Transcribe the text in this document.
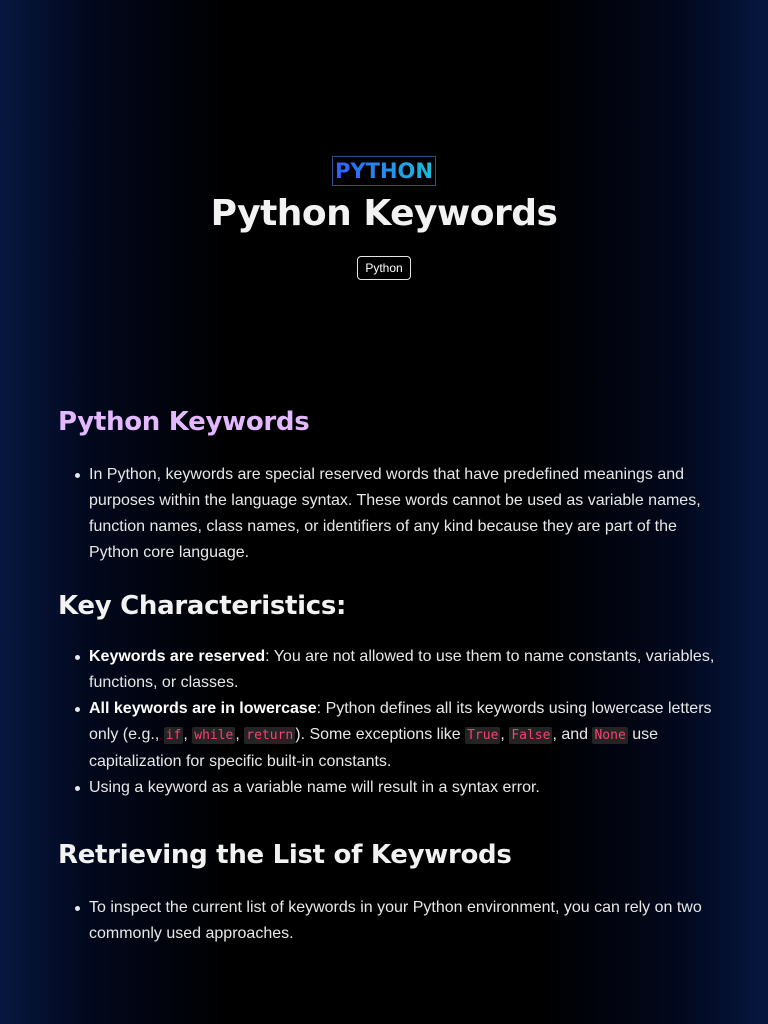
PYTHON
Python Keywords
Python
Python Keywords
In Python, keywords are special reserved words that have predefined meanings and purposes within the language syntax. These words cannot be used as variable names, function names, class names, or identifiers of any kind because they are part of the Python core language.
Key Characteristics:
Keywords are reserved: You are not allowed to use them to name constants, variables, functions, or classes.
All keywords are in lowercase: Python defines all its keywords using lowercase letters only (e.g., if , while , return ). Some exceptions like True , False , and None use capitalization for specific built-in constants.
Using a keyword as a variable name will result in a syntax error.
Retrieving the List of Keywrods
To inspect the current list of keywords in your Python environment, you can rely on two commonly used approaches.
